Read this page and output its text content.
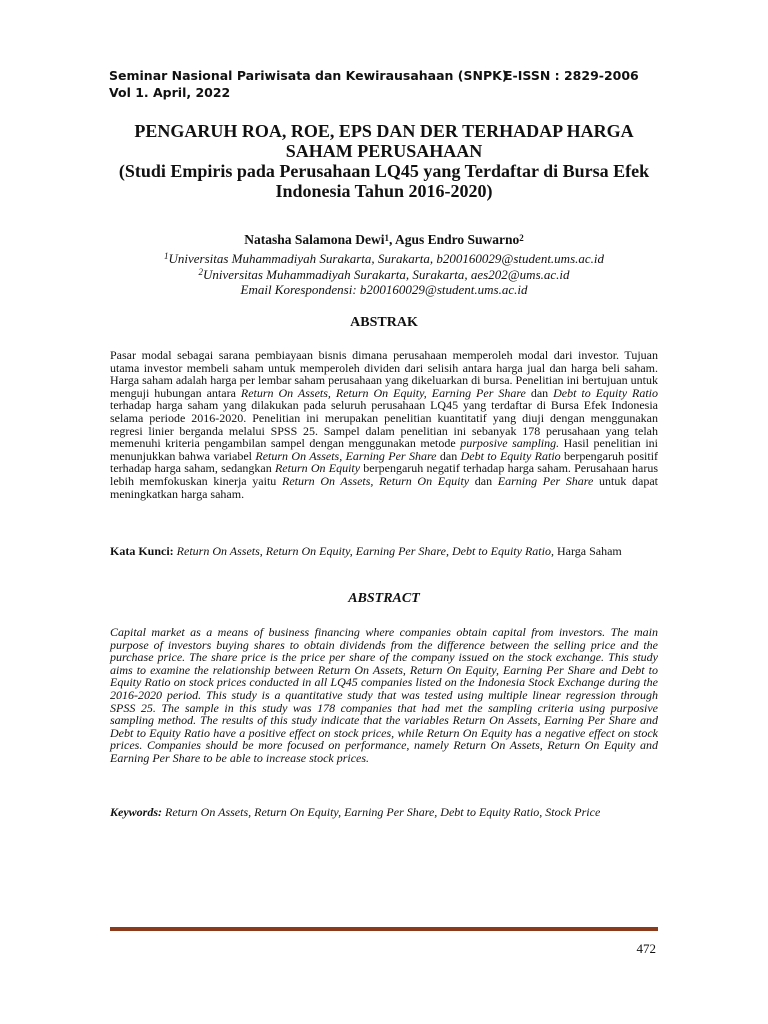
Seminar Nasional Pariwisata dan Kewirausahaan (SNPK)
E-ISSN : 2829-2006
Vol 1. April, 2022
PENGARUH ROA, ROE, EPS DAN DER TERHADAP HARGA
SAHAM PERUSAHAAN
(Studi Empiris pada Perusahaan LQ45 yang Terdaftar di Bursa Efek
Indonesia Tahun 2016-2020)
Natasha Salamona Dewi$^1$, Agus Endro Suwarno$^2$
$^1$Universitas Muhammadiyah Surakarta, Surakarta, b200160029@student.ums.ac.id
$^2$Universitas Muhammadiyah Surakarta, Surakarta, aes202@ums.ac.id
Email Korespondensi: b200160029@student.ums.ac.id
ABSTRAK
Pasar modal sebagai sarana pembiayaan bisnis dimana perusahaan memperoleh modal dari investor. Tujuan utama investor membeli saham untuk memperoleh dividen dari selisih antara harga jual dan harga beli saham. Harga saham adalah harga per lembar saham perusahaan yang dikeluarkan di bursa. Penelitian ini bertujuan untuk menguji hubungan antara Return On Assets, Return On Equity, Earning Per Share dan Debt to Equity Ratio terhadap harga saham yang dilakukan pada seluruh perusahaan LQ45 yang terdaftar di Bursa Efek Indonesia selama periode 2016-2020. Penelitian ini merupakan penelitian kuantitatif yang diuji dengan menggunakan regresi linier berganda melalui SPSS 25. Sampel dalam penelitian ini sebanyak 178 perusahaan yang telah memenuhi kriteria pengambilan sampel dengan menggunakan metode purposive sampling. Hasil penelitian ini menunjukkan bahwa variabel Return On Assets, Earning Per Share dan Debt to Equity Ratio berpengaruh positif terhadap harga saham, sedangkan Return On Equity berpengaruh negatif terhadap harga saham. Perusahaan harus lebih memfokuskan kinerja yaitu Return On Assets, Return On Equity dan Earning Per Share untuk dapat meningkatkan harga saham.
Kata Kunci: Return On Assets, Return On Equity, Earning Per Share, Debt to Equity Ratio, Harga Saham
ABSTRACT
Capital market as a means of business financing where companies obtain capital from investors. The main purpose of investors buying shares to obtain dividends from the difference between the selling price and the purchase price. The share price is the price per share of the company issued on the stock exchange. This study aims to examine the relationship between Return On Assets, Return On Equity, Earning Per Share and Debt to Equity Ratio on stock prices conducted in all LQ45 companies listed on the Indonesia Stock Exchange during the 2016-2020 period. This study is a quantitative study that was tested using multiple linear regression through SPSS 25. The sample in this study was 178 companies that had met the sampling criteria using purposive sampling method. The results of this study indicate that the variables Return On Assets, Earning Per Share and Debt to Equity Ratio have a positive effect on stock prices, while Return On Equity has a negative effect on stock prices. Companies should be more focused on performance, namely Return On Assets, Return On Equity and Earning Per Share to be able to increase stock prices.
Keywords: Return On Assets, Return On Equity, Earning Per Share, Debt to Equity Ratio, Stock Price
472
